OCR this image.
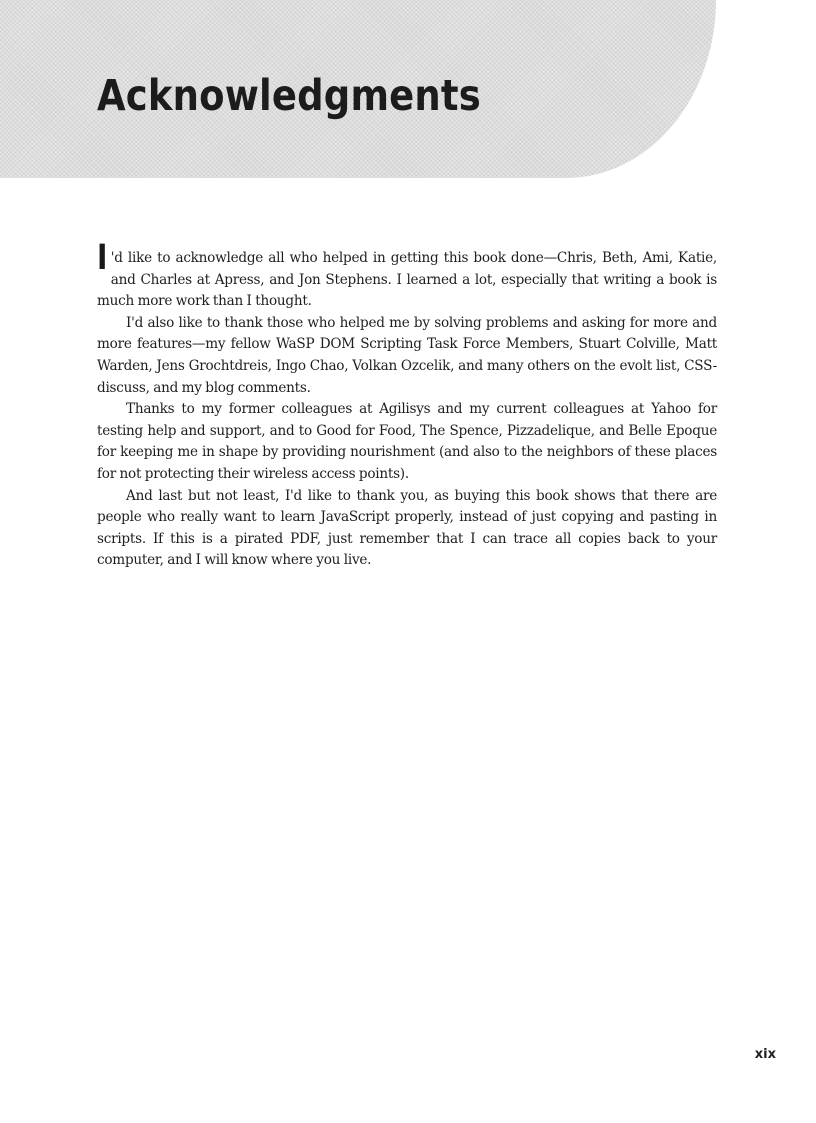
Acknowledgments

I 'd like to acknowledge all who helped in getting this book done—Chris, Beth, Ami, Katie, and Charles at Apress, and Jon Stephens. I learned a lot, especially that writing a book is much more work than I thought.

I'd also like to thank those who helped me by solving problems and asking for more and more features—my fellow WaSP DOM Scripting Task Force Members, Stuart Colville, Matt Warden, Jens Grochtdreis, Ingo Chao, Volkan Ozcelik, and many others on the evolt list, CSS-discuss, and my blog comments.

Thanks to my former colleagues at Agilisys and my current colleagues at Yahoo for testing help and support, and to Good for Food, The Spence, Pizzadelique, and Belle Epoque for keeping me in shape by providing nourishment (and also to the neighbors of these places for not protecting their wireless access points).

And last but not least, I'd like to thank you, as buying this book shows that there are people who really want to learn JavaScript properly, instead of just copying and pasting in scripts. If this is a pirated PDF, just remember that I can trace all copies back to your computer, and I will know where you live.

xix
